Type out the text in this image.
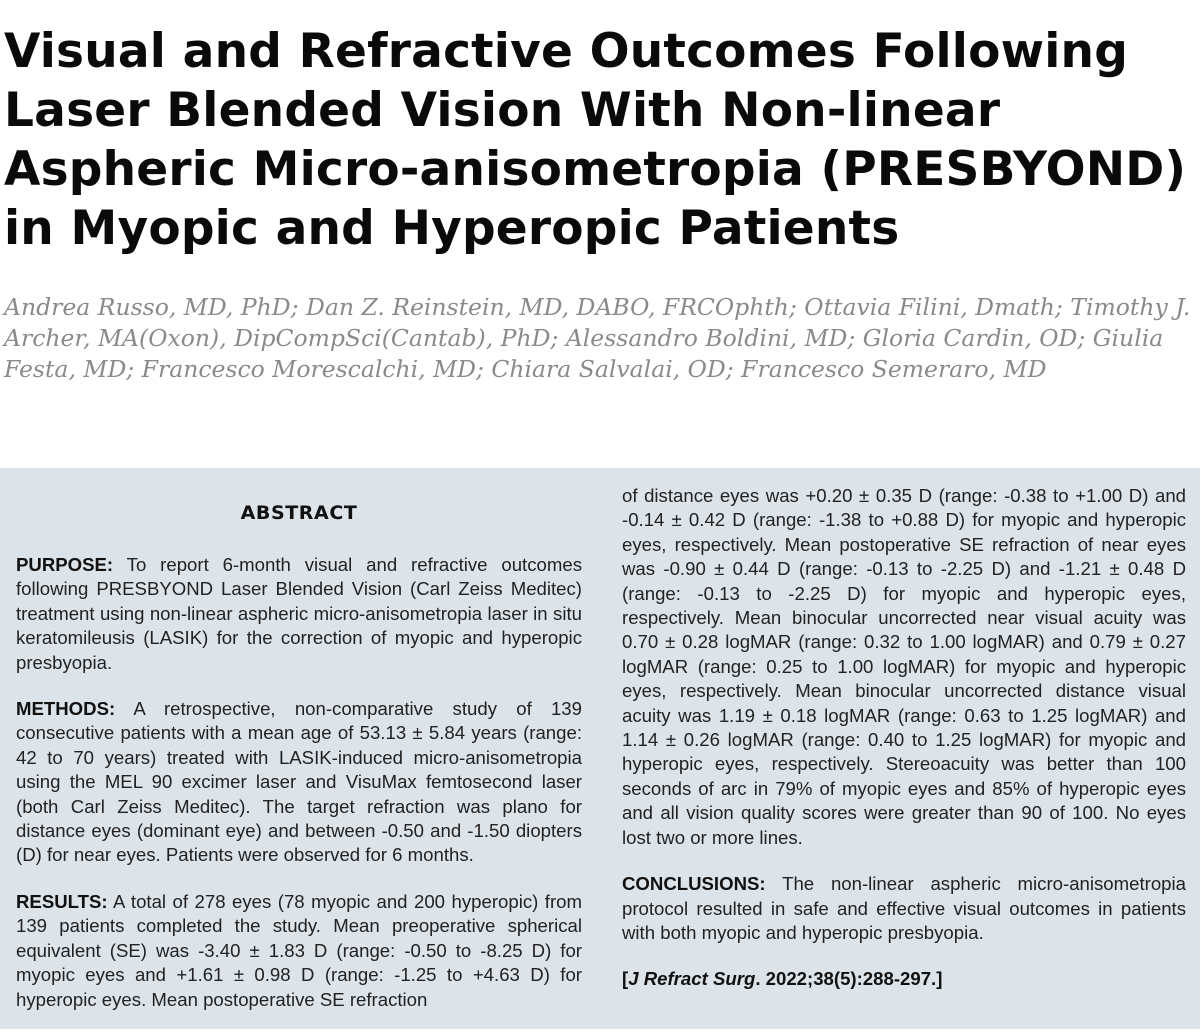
Visual and Refractive Outcomes Following Laser Blended Vision With Non-linear Aspheric Micro-anisometropia (PRESBYOND) in Myopic and Hyperopic Patients

Andrea Russo, MD, PhD; Dan Z. Reinstein, MD, DABO, FRCOphth; Ottavia Filini, Dmath; Timothy J. Archer, MA(Oxon), DipCompSci(Cantab), PhD; Alessandro Boldini, MD; Gloria Cardin, OD; Giulia Festa, MD; Francesco Morescalchi, MD; Chiara Salvalai, OD; Francesco Semeraro, MD

ABSTRACT

PURPOSE: To report 6-month visual and refractive outcomes following PRESBYOND Laser Blended Vision (Carl Zeiss Meditec) treatment using non-linear aspheric micro-anisometropia laser in situ keratomileusis (LASIK) for the correction of myopic and hyperopic presbyopia.

METHODS: A retrospective, non-comparative study of 139 consecutive patients with a mean age of 53.13 ± 5.84 years (range: 42 to 70 years) treated with LASIK-induced micro-anisometropia using the MEL 90 excimer laser and VisuMax femtosecond laser (both Carl Zeiss Meditec). The target refraction was plano for distance eyes (dominant eye) and between -0.50 and -1.50 diopters (D) for near eyes. Patients were observed for 6 months.

RESULTS: A total of 278 eyes (78 myopic and 200 hyperopic) from 139 patients completed the study. Mean preoperative spherical equivalent (SE) was -3.40 ± 1.83 D (range: -0.50 to -8.25 D) for myopic eyes and +1.61 ± 0.98 D (range: -1.25 to +4.63 D) for hyperopic eyes. Mean postoperative SE refraction

of distance eyes was +0.20 ± 0.35 D (range: -0.38 to +1.00 D) and -0.14 ± 0.42 D (range: -1.38 to +0.88 D) for myopic and hyperopic eyes, respectively. Mean postoperative SE refraction of near eyes was -0.90 ± 0.44 D (range: -0.13 to -2.25 D) and -1.21 ± 0.48 D (range: -0.13 to -2.25 D) for myopic and hyperopic eyes, respectively. Mean binocular uncorrected near visual acuity was 0.70 ± 0.28 logMAR (range: 0.32 to 1.00 logMAR) and 0.79 ± 0.27 logMAR (range: 0.25 to 1.00 logMAR) for myopic and hyperopic eyes, respectively. Mean binocular uncorrected distance visual acuity was 1.19 ± 0.18 logMAR (range: 0.63 to 1.25 logMAR) and 1.14 ± 0.26 logMAR (range: 0.40 to 1.25 logMAR) for myopic and hyperopic eyes, respectively. Stereoacuity was better than 100 seconds of arc in 79% of myopic eyes and 85% of hyperopic eyes and all vision quality scores were greater than 90 of 100. No eyes lost two or more lines.

CONCLUSIONS: The non-linear aspheric micro-anisometropia protocol resulted in safe and effective visual outcomes in patients with both myopic and hyperopic presbyopia.

[J Refract Surg. 2022;38(5):288-297.]
